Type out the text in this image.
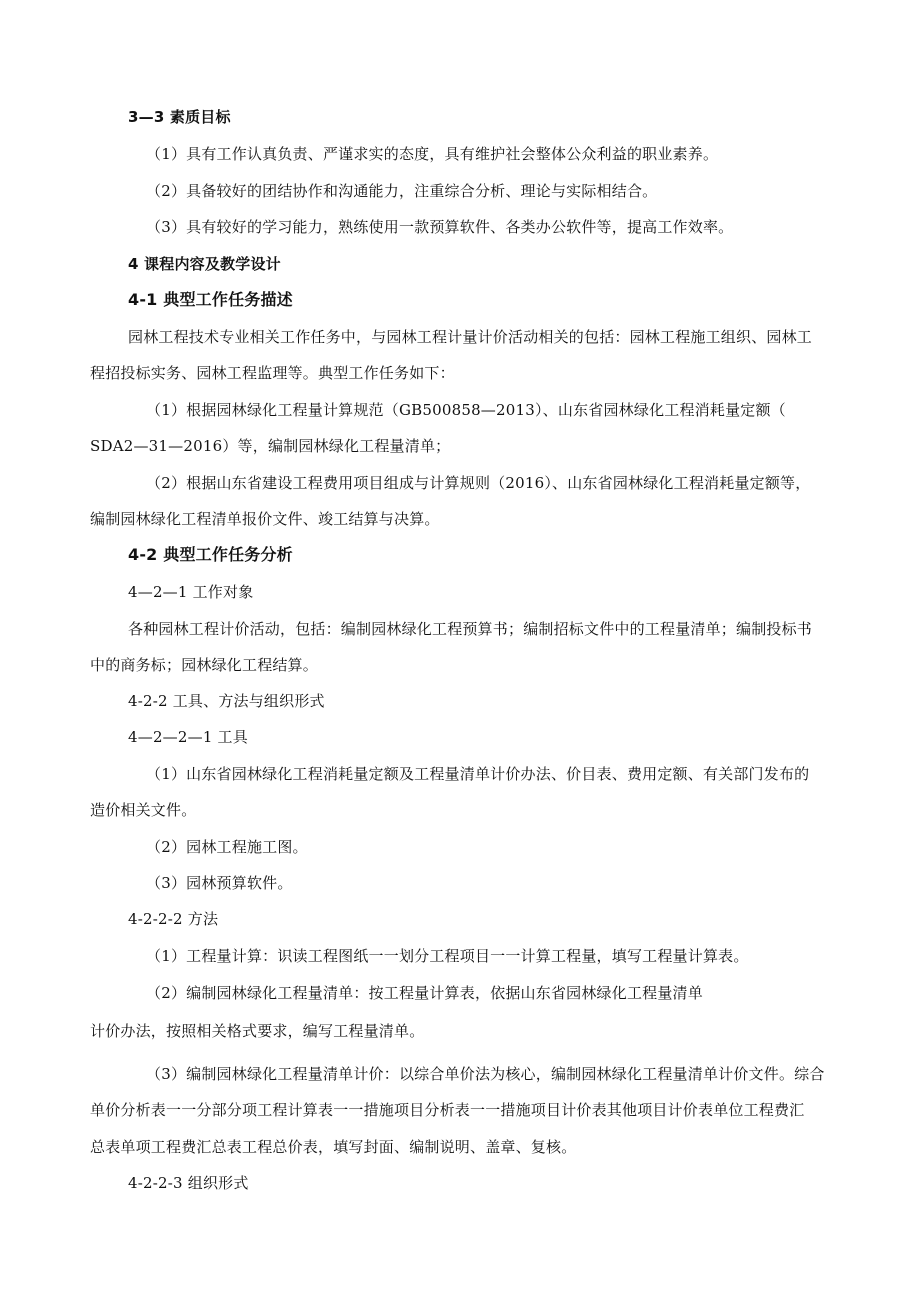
3—3 素质目标
（1）具有工作认真负责、严谨求实的态度，具有维护社会整体公众利益的职业素养。
（2）具备较好的团结协作和沟通能力，注重综合分析、理论与实际相结合。
（3）具有较好的学习能力，熟练使用一款预算软件、各类办公软件等，提高工作效率。
4 课程内容及教学设计
4-1 典型工作任务描述
园林工程技术专业相关工作任务中，与园林工程计量计价活动相关的包括：园林工程施工组织、园林工
程招投标实务、园林工程监理等。典型工作任务如下：
（1）根据园林绿化工程量计算规范（GB500858—2013）、山东省园林绿化工程消耗量定额（
SDA2—31—2016）等，编制园林绿化工程量清单；
（2）根据山东省建设工程费用项目组成与计算规则（2016）、山东省园林绿化工程消耗量定额等，
编制园林绿化工程清单报价文件、竣工结算与决算。
4-2 典型工作任务分析
4—2—1 工作对象
各种园林工程计价活动，包括：编制园林绿化工程预算书；编制招标文件中的工程量清单；编制投标书
中的商务标；园林绿化工程结算。
4-2-2 工具、方法与组织形式
4—2—2—1 工具
（1）山东省园林绿化工程消耗量定额及工程量清单计价办法、价目表、费用定额、有关部门发布的
造价相关文件。
（2）园林工程施工图。
（3）园林预算软件。
4-2-2-2 方法
（1）工程量计算：识读工程图纸一一划分工程项目一一计算工程量，填写工程量计算表。
（2）编制园林绿化工程量清单：按工程量计算表，依据山东省园林绿化工程量清单
计价办法，按照相关格式要求，编写工程量清单。
（3）编制园林绿化工程量清单计价：以综合单价法为核心，编制园林绿化工程量清单计价文件。综合
单价分析表一一分部分项工程计算表一一措施项目分析表一一措施项目计价表其他项目计价表单位工程费汇
总表单项工程费汇总表工程总价表，填写封面、编制说明、盖章、复核。
4-2-2-3 组织形式
